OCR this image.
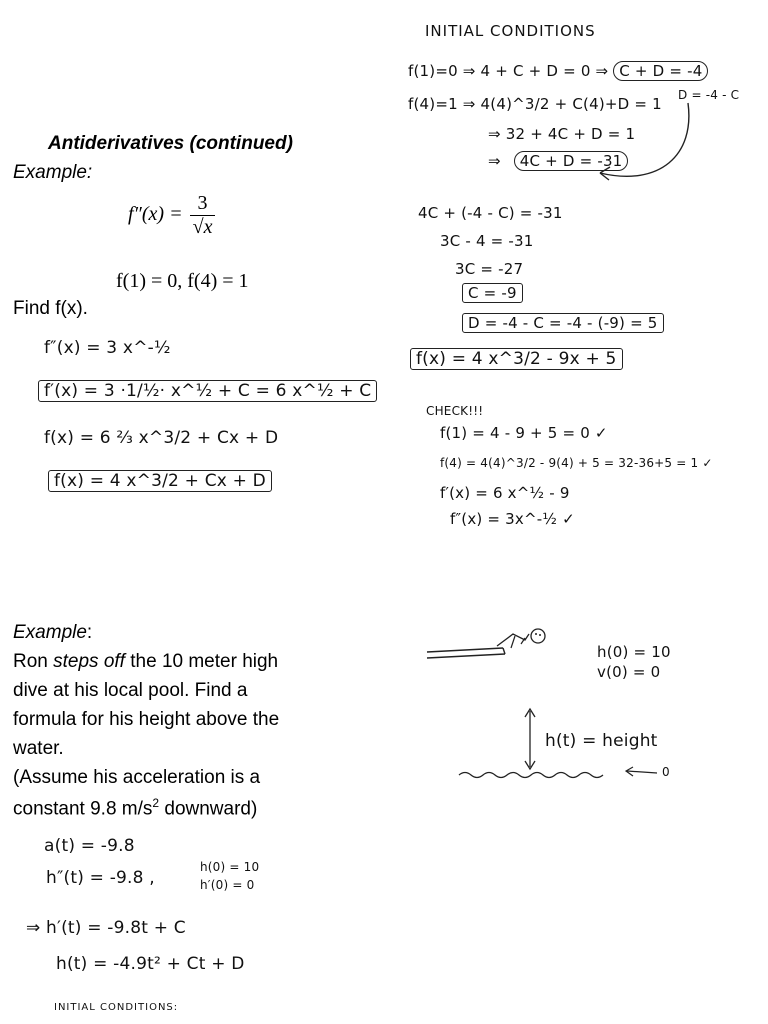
Antiderivatives (continued)
Example:
$f''(x) = \frac{3}{√x}$
f(1) = 0, f(4) = 1
Find f(x).
f″(x) = 3 x^-½
f′(x) = 3 ·1/½· x^½ + C = 6 x^½ + C
f(x) = 6 ⅔ x^3/2 + Cx + D
f(x) = 4 x^3/2 + Cx + D
INITIAL CONDITIONS
f(1)=0 ⇒ 4 + C + D = 0 ⇒ C + D = -4
f(4)=1 ⇒ 4(4)^3/2 + C(4)+D = 1 D = -4 - C
⇒ 32 + 4C + D = 1
⇒ 4C + D = -31
4C + (-4 - C) = -31
3C - 4 = -31
3C = -27
C = -9
D = -4 - C = -4 - (-9) = 5
f(x) = 4 x^3/2 - 9x + 5
CHECK!!!
f(1) = 4 - 9 + 5 = 0 ✓
f(4) = 4(4)^3/2 - 9(4) + 5 = 32-36+5 = 1 ✓
f′(x) = 6 x^½ - 9
f″(x) = 3x^-½ ✓
Example:
Ron steps off the 10 meter high
dive at his local pool. Find a
formula for his height above the
water.
(Assume his acceleration is a
constant 9.8 $m/s^2$ downward)
a(t) = -9.8
h″(t) = -9.8 ,
h(0) = 10
h′(0) = 0
⇒ h′(t) = -9.8t + C
h(t) = -4.9t² + Ct + D
INITIAL CONDITIONS:
h(0) = 10
v(0) = 0
h(t) = height
0
